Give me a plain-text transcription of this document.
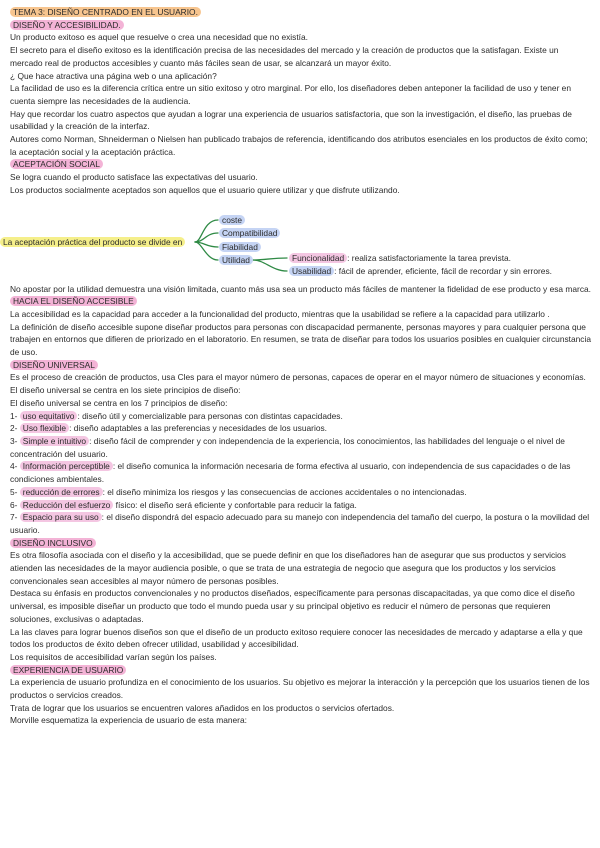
TEMA 3: DISEÑO CENTRADO EN EL USUARIO.

DISEÑO Y ACCESIBILIDAD.

Un producto exitoso es aquel que resuelve o crea una necesidad que no existía.

El secreto para el diseño exitoso es la identificación precisa de las necesidades del mercado y la creación de productos que la satisfagan. Existe un mercado real de productos accesibles y cuanto más fáciles sean de usar, se alcanzará un mayor éxito.

¿ Que hace atractiva una página web o una aplicación?

La facilidad de uso es la diferencia crítica entre un sitio exitoso y otro marginal. Por ello, los diseñadores deben anteponer la facilidad de uso y tener en cuenta siempre las necesidades de la audiencia.

Hay que recordar los cuatro aspectos que ayudan a lograr una experiencia de usuarios satisfactoria, que son la investigación, el diseño, las pruebas de usabilidad y la creación de la interfaz.

Autores como Norman, Shneiderman o Nielsen han publicado trabajos de referencia, identificando dos atributos esenciales en los productos de éxito como; la aceptación social y la aceptación práctica.

ACEPTACIÓN SOCIAL

Se logra cuando el producto satisface las expectativas del usuario.

Los productos socialmente aceptados son aquellos que el usuario quiere utilizar y que disfrute utilizando.

La aceptación práctica del producto se divide en
coste
Compatibilidad
Fiabilidad
Utilidad	Funcionalidad : realiza satisfactoriamente la tarea prevista.
Usabilidad : fácil de aprender, eficiente, fácil de recordar y sin errores.

No apostar por la utilidad demuestra una visión limitada, cuanto más usa sea un producto más fáciles de mantener la fidelidad de ese producto y esa marca.

HACIA EL DISEÑO ACCESIBLE

La accesibilidad es la capacidad para acceder a la funcionalidad del producto, mientras que la usabilidad se refiere a la capacidad para utilizarlo .

La definición de diseño accesible supone diseñar productos para personas con discapacidad permanente, personas mayores y para cualquier persona que trabajen en entornos que difieren de priorizado en el laboratorio. En resumen, se trata de diseñar para todos los usuarios posibles en cualquier circunstancia de uso.

DISEÑO UNIVERSAL

Es el proceso de creación de productos, usa Cles para el mayor número de personas, capaces de operar en el mayor número de situaciones y economías.

El diseño universal se centra en los siete principios de diseño:

El diseño universal se centra en los 7 principios de diseño:

1- uso equitativo : diseño útil y comercializable para personas con distintas capacidades.

2- Uso flexible : diseño adaptables a las preferencias y necesidades de los usuarios.

3- Simple e intuitivo : diseño fácil de comprender y con independencia de la experiencia, los conocimientos, las habilidades del lenguaje o el nivel de concentración del usuario.

4- Información perceptible : el diseño comunica la información necesaria de forma efectiva al usuario, con independencia de sus capacidades o de las condiciones ambientales.

5- reducción de errores : el diseño minimiza los riesgos y las consecuencias de acciones accidentales o no intencionadas.

6- Reducción del esfuerzo físico: el diseño será eficiente y confortable para reducir la fatiga.

7- Espacio para su uso : el diseño dispondrá del espacio adecuado para su manejo con independencia del tamaño del cuerpo, la postura o la movilidad del usuario.

DISEÑO INCLUSIVO

Es otra filosofía asociada con el diseño y la accesibilidad, que se puede definir en que los diseñadores han de asegurar que sus productos y servicios atienden las necesidades de la mayor audiencia posible, o que se trata de una estrategia de negocio que asegura que los productos y los servicios convencionales sean accesibles al mayor número de personas posibles.

Destaca su énfasis en productos convencionales y no productos diseñados, específicamente para personas discapacitadas, ya que como dice el diseño universal, es imposible diseñar un producto que todo el mundo pueda usar y su principal objetivo es reducir el número de personas que requieren soluciones, exclusivas o adaptadas.

La las claves para lograr buenos diseños son que el diseño de un producto exitoso requiere conocer las necesidades de mercado y adaptarse a ella y que todos los productos de éxito deben ofrecer utilidad, usabilidad y accesibilidad.

Los requisitos de accesibilidad varían según los países.

EXPERIENCIA DE USUARIO

La experiencia de usuario profundiza en el conocimiento de los usuarios. Su objetivo es mejorar la interacción y la percepción que los usuarios tienen de los productos o servicios creados.

Trata de lograr que los usuarios se encuentren valores añadidos en los productos o servicios ofertados.

Morville esquematiza la experiencia de usuario de esta manera:
